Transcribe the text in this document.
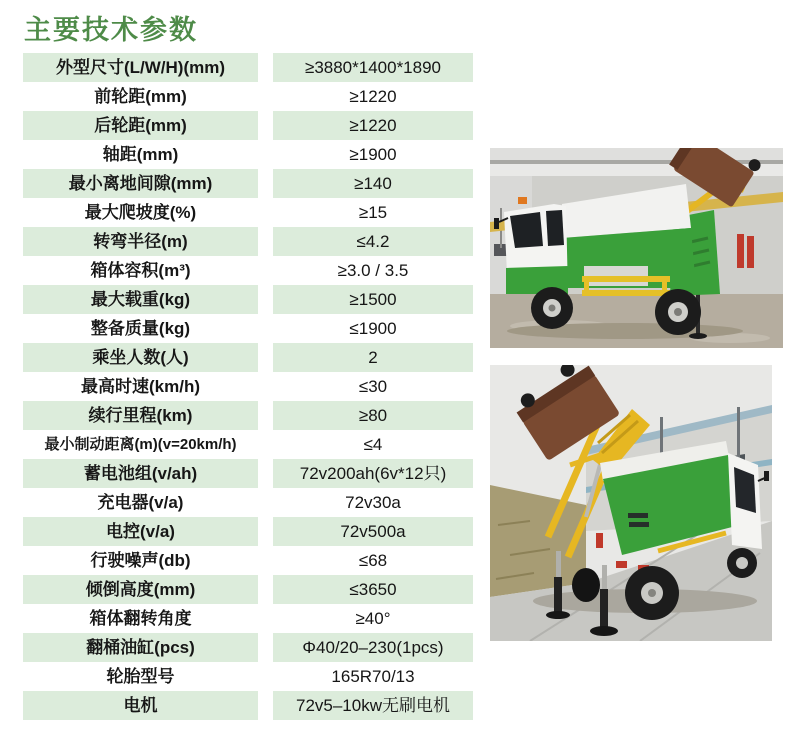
主要技术参数
外型尺寸(L/W/H)(mm)	≥3880*1400*1890
前轮距(mm)	≥1220
后轮距(mm)	≥1220
轴距(mm)	≥1900
最小离地间隙(mm)	≥140
最大爬坡度(%)	≥15
转弯半径(m)	≤4.2
箱体容积(m³)	≥3.0 / 3.5
最大载重(kg)	≥1500
整备质量(kg)	≤1900
乘坐人数(人)	2
最高时速(km/h)	≤30
续行里程(km)	≥80
最小制动距离(m)(v=20km/h)	≤4
蓄电池组(v/ah)	72v200ah(6v*12只)
充电器(v/a)	72v30a
电控(v/a)	72v500a
行驶噪声(db)	≤68
倾倒高度(mm)	≤3650
箱体翻转角度	≥40°
翻桶油缸(pcs)	Φ40/20–230(1pcs)
轮胎型号	165R70/13
电机	72v5–10kw无刷电机
